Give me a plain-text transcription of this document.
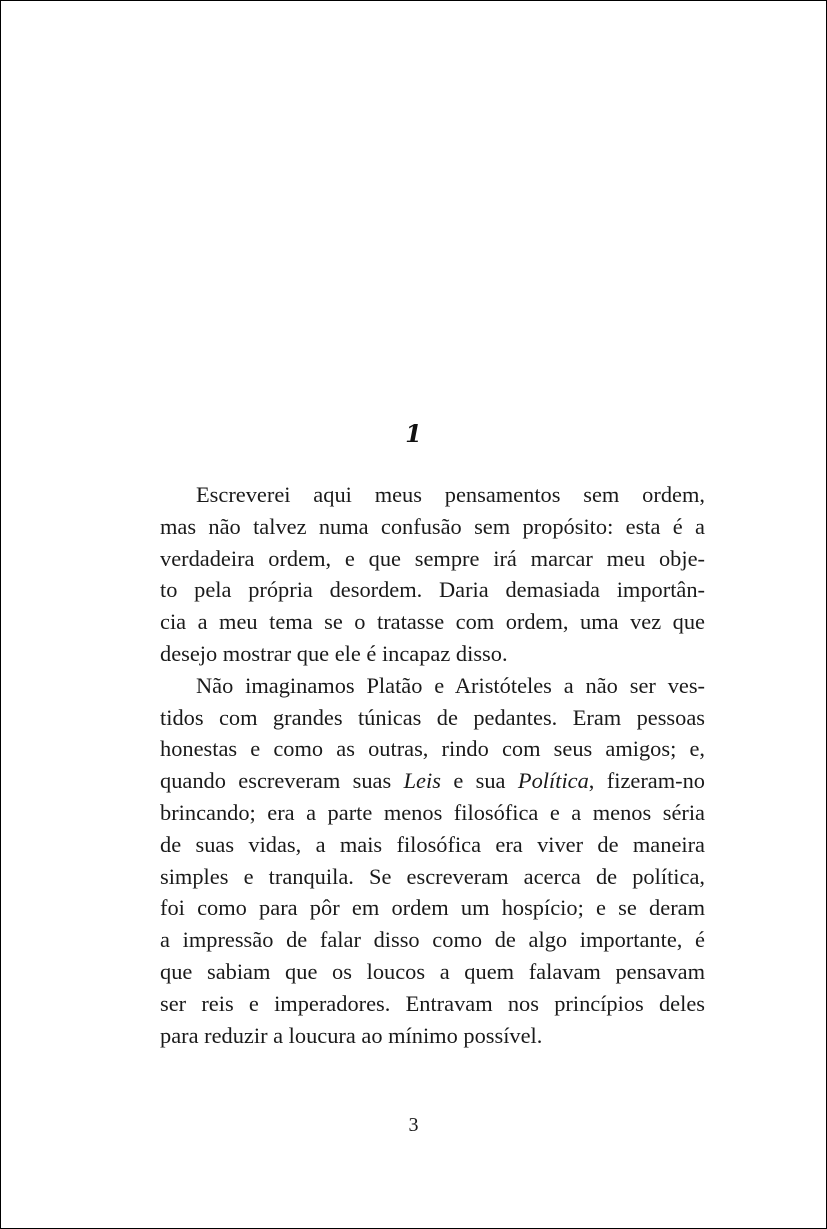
1
Escreverei aqui meus pensamentos sem ordem,
mas não talvez numa confusão sem propósito: esta é a
verdadeira ordem, e que sempre irá marcar meu obje-
to pela própria desordem. Daria demasiada importân-
cia a meu tema se o tratasse com ordem, uma vez que
desejo mostrar que ele é incapaz disso.
Não imaginamos Platão e Aristóteles a não ser ves-
tidos com grandes túnicas de pedantes. Eram pessoas
honestas e como as outras, rindo com seus amigos; e,
quando escreveram suas Leis e sua Política, fizeram-no
brincando; era a parte menos filosófica e a menos séria
de suas vidas, a mais filosófica era viver de maneira
simples e tranquila. Se escreveram acerca de política,
foi como para pôr em ordem um hospício; e se deram
a impressão de falar disso como de algo importante, é
que sabiam que os loucos a quem falavam pensavam
ser reis e imperadores. Entravam nos princípios deles
para reduzir a loucura ao mínimo possível.
3
